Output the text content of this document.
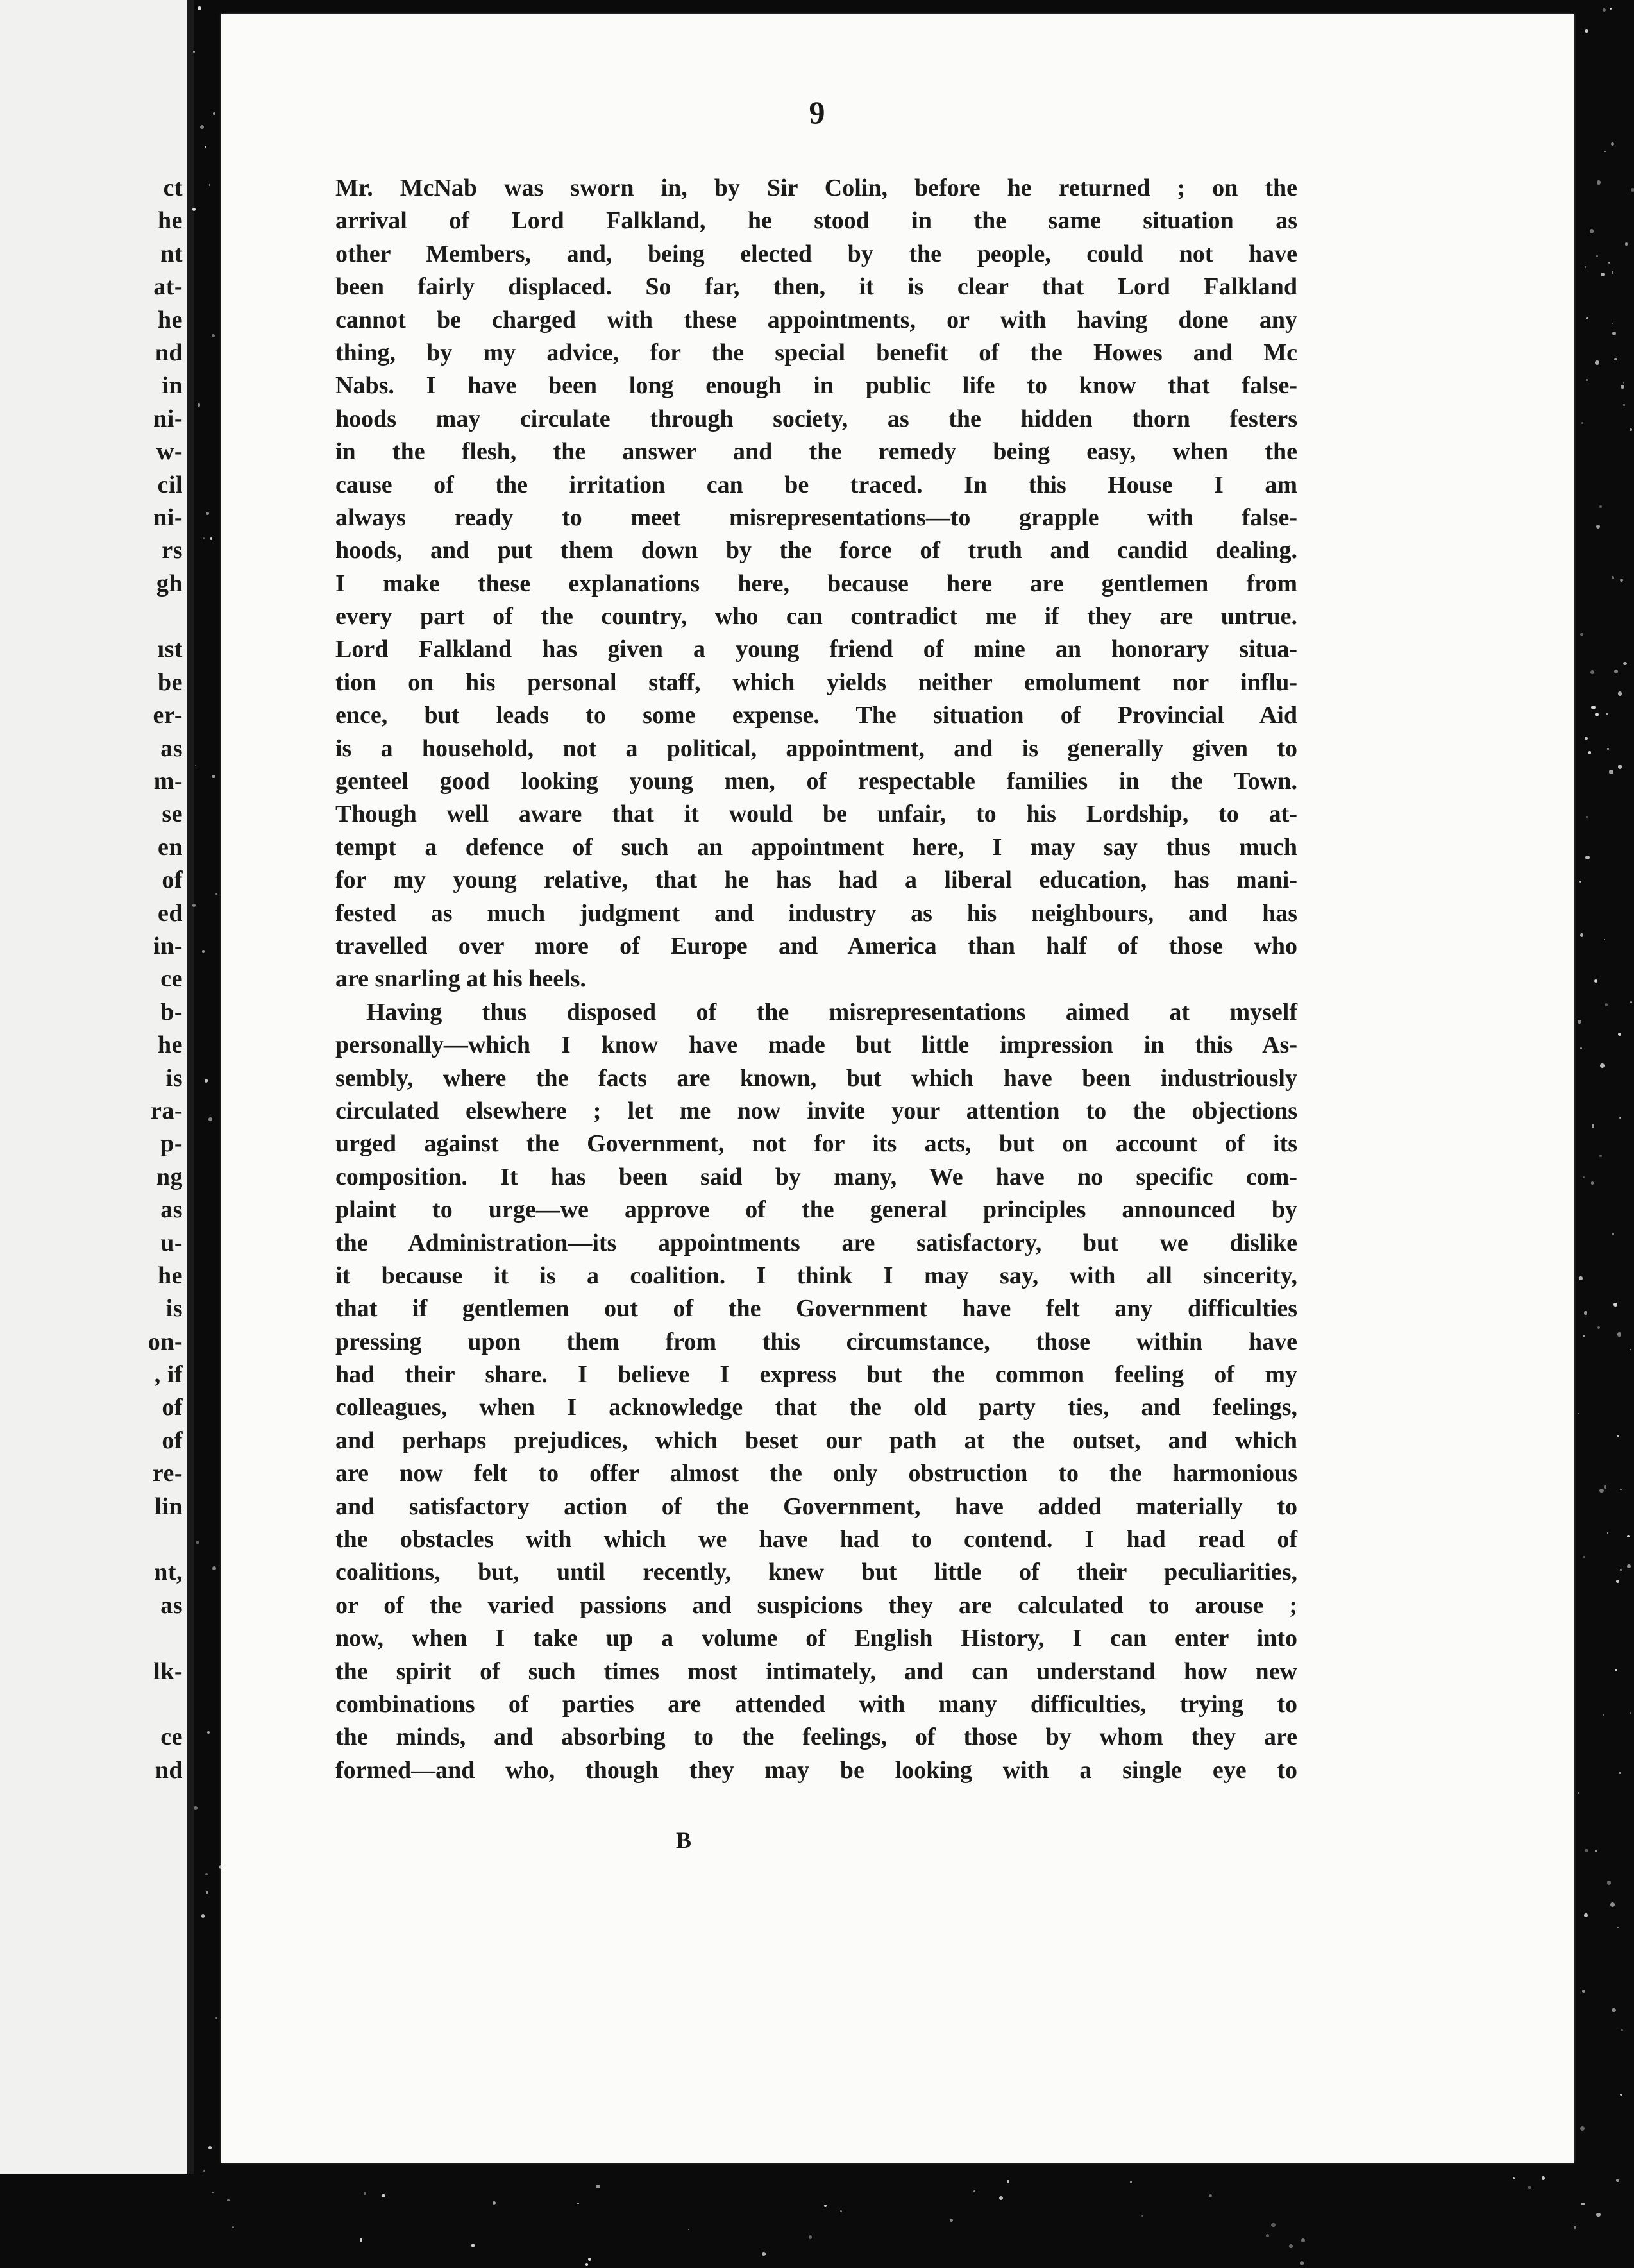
ct
he
nt
at-
he
nd
in
ni-
w-
cil
ni-
rs
gh
ıst
be
er-
as
m-
se
en
of
ed
in-
ce
b-
he
is
ra-
p-
ng
as
u-
he
is
on-
, if
of
of
re-
lin
nt,
as
lk-
ce
nd
9
Mr. McNab was sworn in, by Sir Colin, before he returned ; on the
arrival of Lord Falkland, he stood in the same situation as
other Members, and, being elected by the people, could not have
been fairly displaced. So far, then, it is clear that Lord Falkland
cannot be charged with these appointments, or with having done any
thing, by my advice, for the special benefit of the Howes and Mc
Nabs. I have been long enough in public life to know that false-
hoods may circulate through society, as the hidden thorn festers
in the flesh, the answer and the remedy being easy, when the
cause of the irritation can be traced. In this House I am
always ready to meet misrepresentations—to grapple with false-
hoods, and put them down by the force of truth and candid dealing.
I make these explanations here, because here are gentlemen from
every part of the country, who can contradict me if they are untrue.
Lord Falkland has given a young friend of mine an honorary situa-
tion on his personal staff, which yields neither emolument nor influ-
ence, but leads to some expense. The situation of Provincial Aid
is a household, not a political, appointment, and is generally given to
genteel good looking young men, of respectable families in the Town.
Though well aware that it would be unfair, to his Lordship, to at-
tempt a defence of such an appointment here, I may say thus much
for my young relative, that he has had a liberal education, has mani-
fested as much judgment and industry as his neighbours, and has
travelled over more of Europe and America than half of those who
are snarling at his heels.
Having thus disposed of the misrepresentations aimed at myself
personally—which I know have made but little impression in this As-
sembly, where the facts are known, but which have been industriously
circulated elsewhere ; let me now invite your attention to the objections
urged against the Government, not for its acts, but on account of its
composition. It has been said by many, We have no specific com-
plaint to urge—we approve of the general principles announced by
the Administration—its appointments are satisfactory, but we dislike
it because it is a coalition. I think I may say, with all sincerity,
that if gentlemen out of the Government have felt any difficulties
pressing upon them from this circumstance, those within have
had their share. I believe I express but the common feeling of my
colleagues, when I acknowledge that the old party ties, and feelings,
and perhaps prejudices, which beset our path at the outset, and which
are now felt to offer almost the only obstruction to the harmonious
and satisfactory action of the Government, have added materially to
the obstacles with which we have had to contend. I had read of
coalitions, but, until recently, knew but little of their peculiarities,
or of the varied passions and suspicions they are calculated to arouse ;
now, when I take up a volume of English History, I can enter into
the spirit of such times most intimately, and can understand how new
combinations of parties are attended with many difficulties, trying to
the minds, and absorbing to the feelings, of those by whom they are
formed—and who, though they may be looking with a single eye to
B
